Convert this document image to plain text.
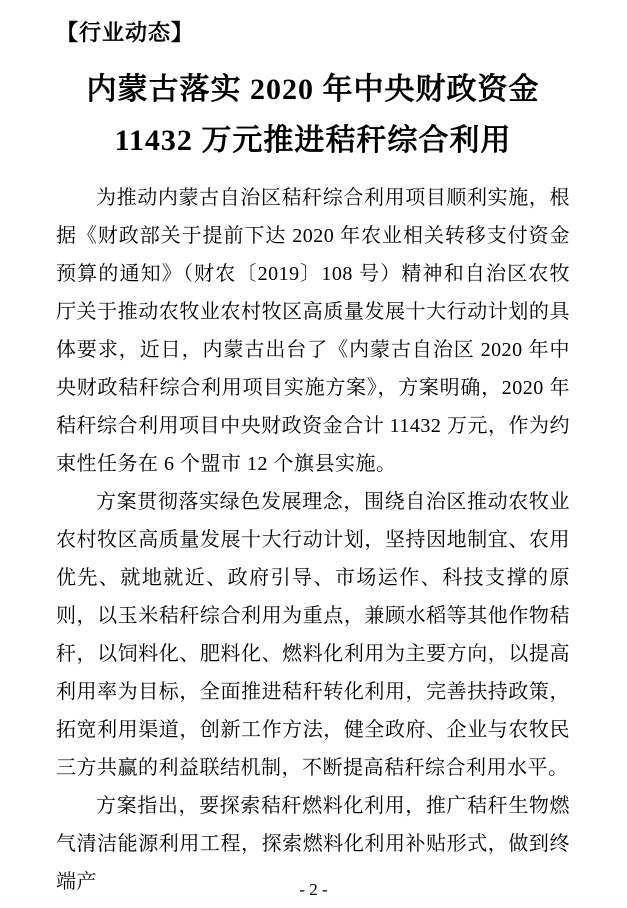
【行业动态】
内蒙古落实 2020 年中央财政资金
11432 万元推进秸秆综合利用

为推动内蒙古自治区秸秆综合利用项目顺利实施，根据《财政部关于提前下达 2020 年农业相关转移支付资金预算的通知》（财农〔2019〕108 号）精神和自治区农牧厅关于推动农牧业农村牧区高质量发展十大行动计划的具体要求，近日，内蒙古出台了《内蒙古自治区 2020 年中央财政秸秆综合利用项目实施方案》，方案明确，2020 年秸秆综合利用项目中央财政资金合计 11432 万元，作为约束性任务在 6 个盟市 12 个旗县实施。

方案贯彻落实绿色发展理念，围绕自治区推动农牧业农村牧区高质量发展十大行动计划，坚持因地制宜、农用优先、就地就近、政府引导、市场运作、科技支撑的原则，以玉米秸秆综合利用为重点，兼顾水稻等其他作物秸秆，以饲料化、肥料化、燃料化利用为主要方向，以提高利用率为目标，全面推进秸秆转化利用，完善扶持政策，拓宽利用渠道，创新工作方法，健全政府、企业与农牧民三方共赢的利益联结机制，不断提高秸秆综合利用水平。

方案指出，要探索秸秆燃料化利用，推广秸秆生物燃气清洁能源利用工程，探索燃料化利用补贴形式，做到终端产	- 2 -
